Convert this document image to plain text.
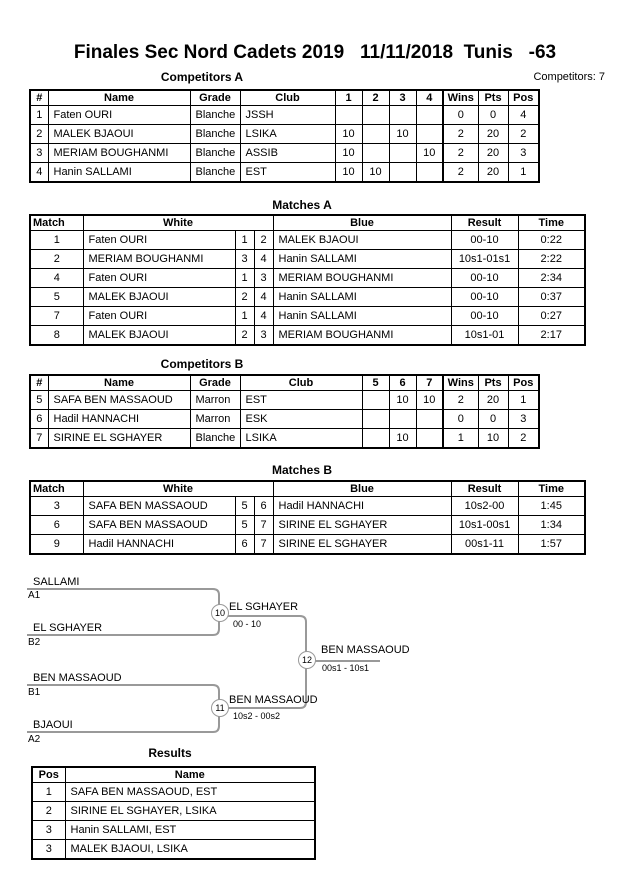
Finales Sec Nord Cadets 2019   11/11/2018  Tunis   -63
Competitors A	Competitors: 7
#	Name	Grade	Club	1	2	3	4	Wins	Pts	Pos
1	Faten OURI	Blanche	JSSH					0	0	4
2	MALEK BJAOUI	Blanche	LSIKA	10		10		2	20	2
3	MERIAM BOUGHANMI	Blanche	ASSIB	10			10	2	20	3
4	Hanin SALLAMI	Blanche	EST	10	10			2	20	1
Matches A
Match	White			Blue	Result	Time
1	Faten OURI	1	2	MALEK BJAOUI	00-10	0:22
2	MERIAM BOUGHANMI	3	4	Hanin SALLAMI	10s1-01s1	2:22
4	Faten OURI	1	3	MERIAM BOUGHANMI	00-10	2:34
5	MALEK BJAOUI	2	4	Hanin SALLAMI	00-10	0:37
7	Faten OURI	1	4	Hanin SALLAMI	00-10	0:27
8	MALEK BJAOUI	2	3	MERIAM BOUGHANMI	10s1-01	2:17
Competitors B
#	Name	Grade	Club	5	6	7	Wins	Pts	Pos
5	SAFA BEN MASSAOUD	Marron	EST		10	10	2	20	1
6	Hadil HANNACHI	Marron	ESK				0	0	3
7	SIRINE EL SGHAYER	Blanche	LSIKA		10		1	10	2
Matches B
Match	White			Blue	Result	Time
3	SAFA BEN MASSAOUD	5	6	Hadil HANNACHI	10s2-00	1:45
6	SAFA BEN MASSAOUD	5	7	SIRINE EL SGHAYER	10s1-00s1	1:34
9	Hadil HANNACHI	6	7	SIRINE EL SGHAYER	00s1-11	1:57
SALLAMI
A1
EL SGHAYER
B2
10 EL SGHAYER
00 - 10
BEN MASSAOUD
B1
BJAOUI
A2
11
BEN MASSAOUD
10s2 - 00s2
12
BEN MASSAOUD
00s1 - 10s1
Results
Pos	Name
1	SAFA BEN MASSAOUD, EST
2	SIRINE EL SGHAYER, LSIKA
3	Hanin SALLAMI, EST
3	MALEK BJAOUI, LSIKA
